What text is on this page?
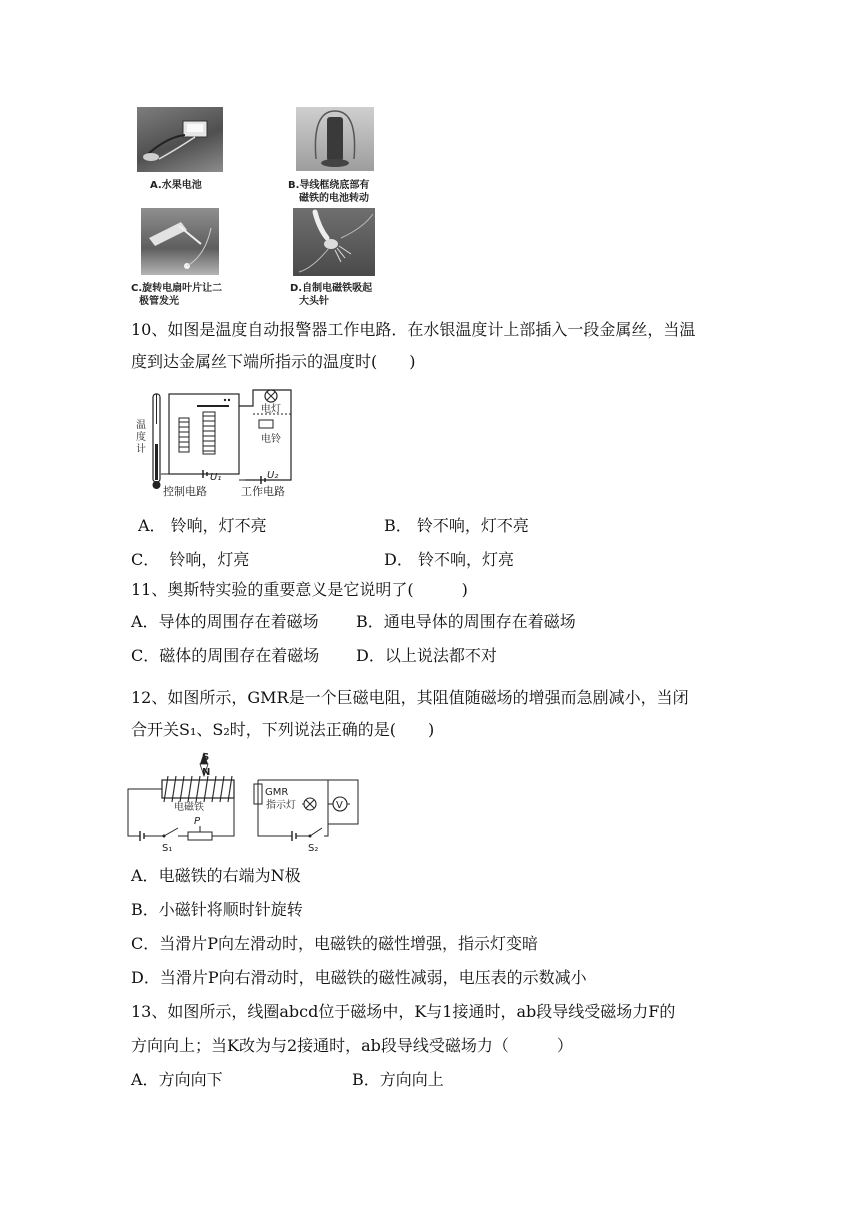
A.水果电池	B.导线框绕底部有
磁铁的电池转动
C.旋转电扇叶片让二
极管发光
D.自制电磁铁吸起
大头针
10、如图是温度自动报警器工作电路．在水银温度计上部插入一段金属丝，当温
度到达金属丝下端所指示的温度时(　　)
温
度
计
U₁
电灯
电铃
U₂
控制电路	工作电路
A． 铃响，灯不亮	B． 铃不响，灯不亮
C． 铃响，灯亮	D． 铃不响，灯亮
11、奥斯特实验的重要意义是它说明了(　　　)
A．导体的周围存在着磁场 B．通电导体的周围存在着磁场
C．磁体的周围存在着磁场 D．以上说法都不对
12、如图所示，GMR是一个巨磁电阻，其阻值随磁场的增强而急剧减小，当闭
合开关S₁、S₂时，下列说法正确的是(　　)
S
N
电磁铁
S₁
P
GMR
指示灯	V
S₂
A．电磁铁的右端为N极
B．小磁针将顺时针旋转
C．当滑片P向左滑动时，电磁铁的磁性增强，指示灯变暗
D．当滑片P向右滑动时，电磁铁的磁性减弱，电压表的示数减小
13、如图所示，线圈abcd位于磁场中，K与1接通时，ab段导线受磁场力F的
方向向上；当K改为与2接通时，ab段导线受磁场力（　　　）
A．方向向下	B．方向向上
